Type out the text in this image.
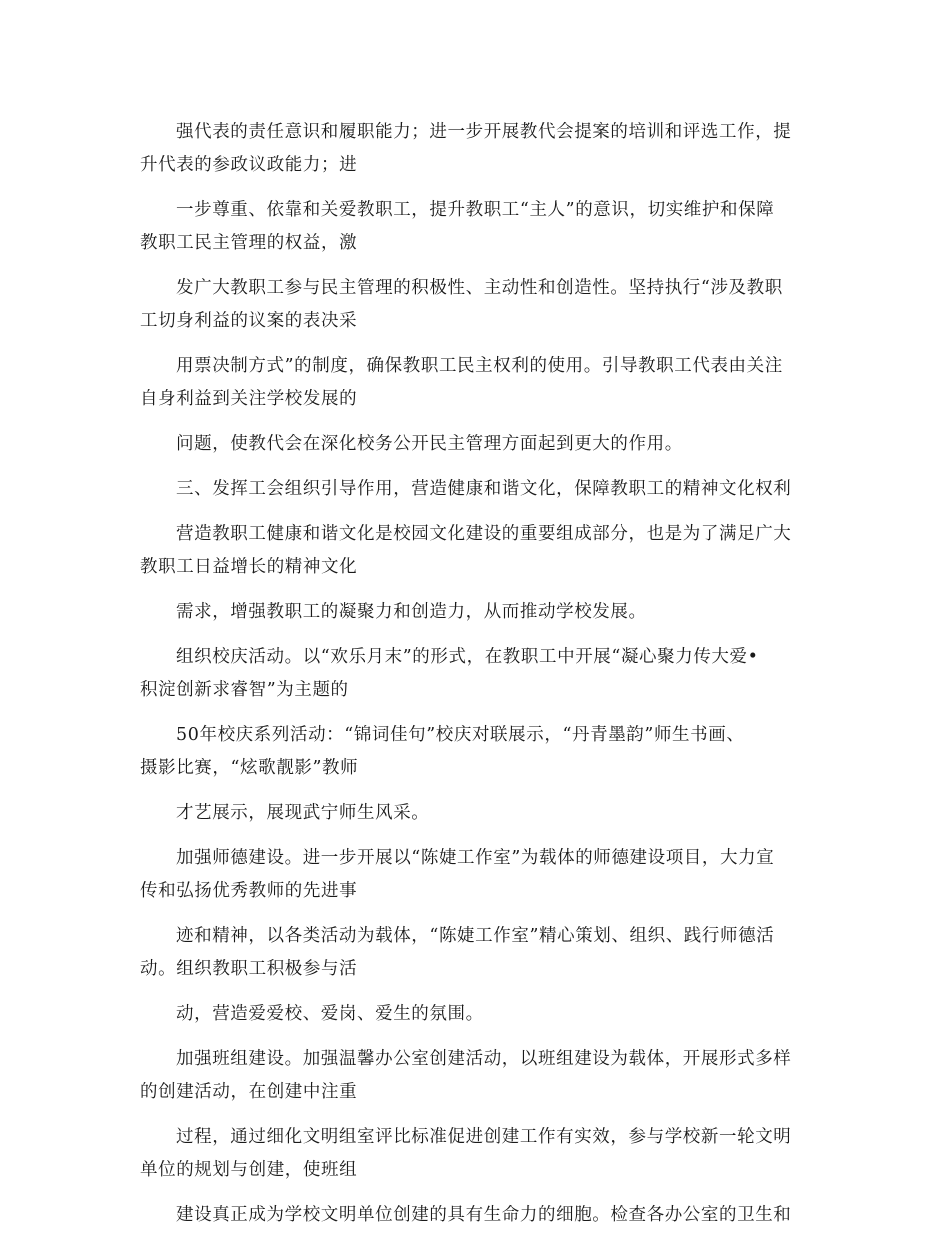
强代表的责任意识和履职能力；进一步开展教代会提案的培训和评选工作，提
升代表的参政议政能力；进

一步尊重、依靠和关爱教职工，提升教职工“主人”的意识，切实维护和保障
教职工民主管理的权益，激

发广大教职工参与民主管理的积极性、主动性和创造性。坚持执行“涉及教职
工切身利益的议案的表决采

用票决制方式”的制度，确保教职工民主权利的使用。引导教职工代表由关注
自身利益到关注学校发展的

问题，使教代会在深化校务公开民主管理方面起到更大的作用。

三、发挥工会组织引导作用，营造健康和谐文化，保障教职工的精神文化权利

营造教职工健康和谐文化是校园文化建设的重要组成部分，也是为了满足广大
教职工日益增长的精神文化

需求，增强教职工的凝聚力和创造力，从而推动学校发展。

组织校庆活动。以“欢乐月末”的形式，在教职工中开展“凝心聚力传大爱•
积淀创新求睿智”为主题的

50年校庆系列活动：“锦词佳句”校庆对联展示，“丹青墨韵”师生书画、
摄影比赛，“炫歌靓影”教师

才艺展示，展现武宁师生风采。

加强师德建设。进一步开展以“陈婕工作室”为载体的师德建设项目，大力宣
传和弘扬优秀教师的先进事

迹和精神，以各类活动为载体，“陈婕工作室”精心策划、组织、践行师德活
动。组织教职工积极参与活

动，营造爱爱校、爱岗、爱生的氛围。

加强班组建设。加强温馨办公室创建活动，以班组建设为载体，开展形式多样
的创建活动，在创建中注重

过程，通过细化文明组室评比标准促进创建工作有实效，参与学校新一轮文明
单位的规划与创建，使班组

建设真正成为学校文明单位创建的具有生命力的细胞。检查各办公室的卫生和
